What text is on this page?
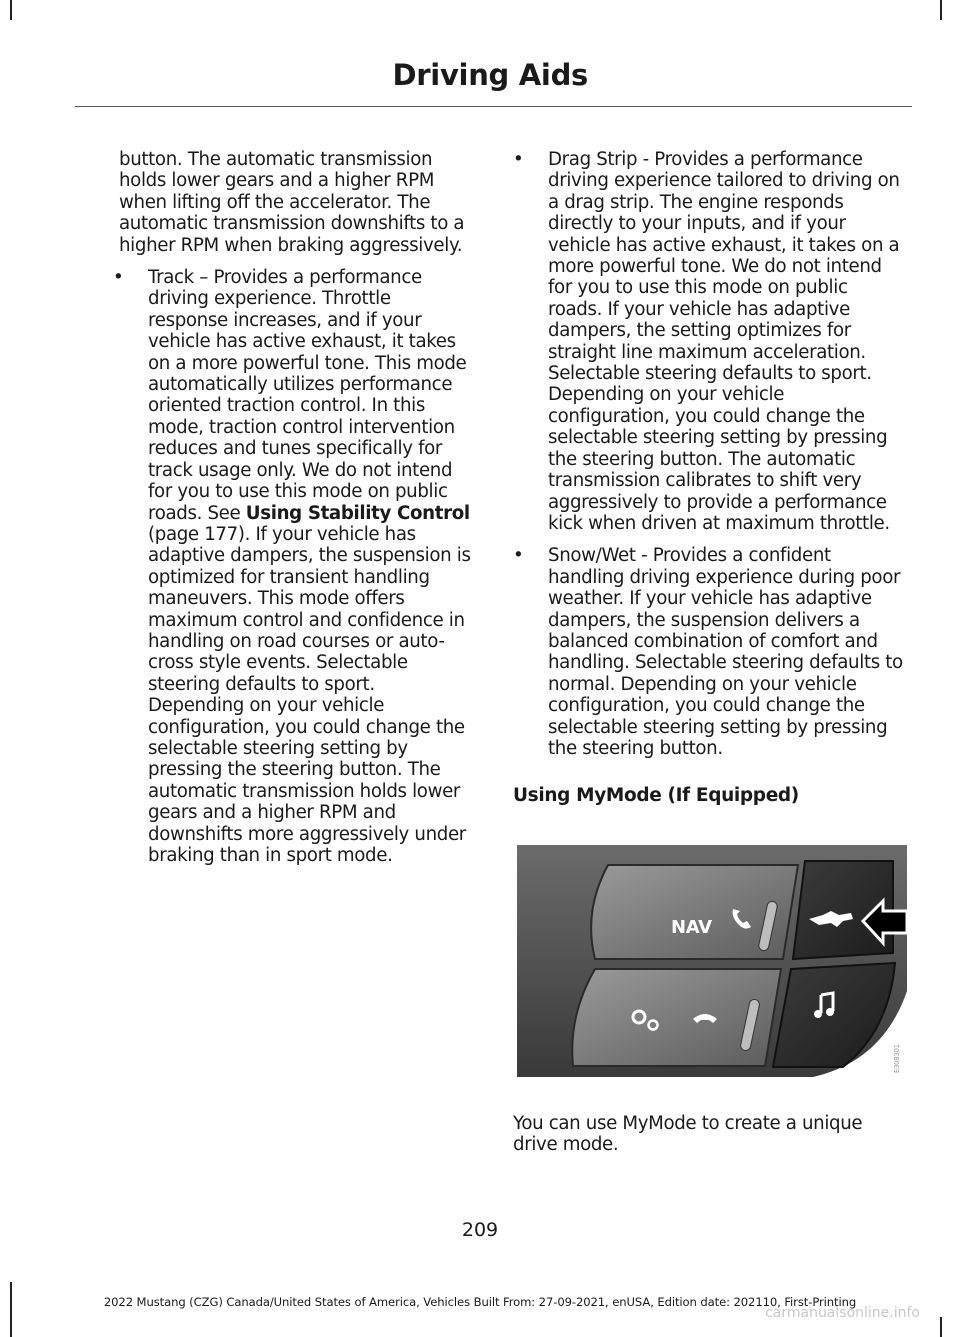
Driving Aids

button. The automatic transmission holds lower gears and a higher RPM when lifting off the accelerator. The automatic transmission downshifts to a higher RPM when braking aggressively.

• Track – Provides a performance driving experience. Throttle response increases, and if your vehicle has active exhaust, it takes on a more powerful tone. This mode automatically utilizes performance oriented traction control. In this mode, traction control intervention reduces and tunes specifically for track usage only. We do not intend for you to use this mode on public roads. See Using Stability Control (page 177). If your vehicle has adaptive dampers, the suspension is optimized for transient handling maneuvers. This mode offers maximum control and confidence in handling on road courses or auto-cross style events. Selectable steering defaults to sport. Depending on your vehicle configuration, you could change the selectable steering setting by pressing the steering button. The automatic transmission holds lower gears and a higher RPM and downshifts more aggressively under braking than in sport mode.
• Drag Strip - Provides a performance driving experience tailored to driving on a drag strip. The engine responds directly to your inputs, and if your vehicle has active exhaust, it takes on a more powerful tone. We do not intend for you to use this mode on public roads. If your vehicle has adaptive dampers, the setting optimizes for straight line maximum acceleration. Selectable steering defaults to sport. Depending on your vehicle configuration, you could change the selectable steering setting by pressing the steering button. The automatic transmission calibrates to shift very aggressively to provide a performance kick when driven at maximum throttle.
• Snow/Wet - Provides a confident handling driving experience during poor weather. If your vehicle has adaptive dampers, the suspension delivers a balanced combination of comfort and handling. Selectable steering defaults to normal. Depending on your vehicle configuration, you could change the selectable steering setting by pressing the steering button.
Using MyMode (If Equipped)
NAV
E308301

You can use MyMode to create a unique drive mode.

209
2022 Mustang (CZG) Canada/United States of America, Vehicles Built From: 27-09-2021, enUSA, Edition date: 202110, First-Printing
carmanualsonline.info
